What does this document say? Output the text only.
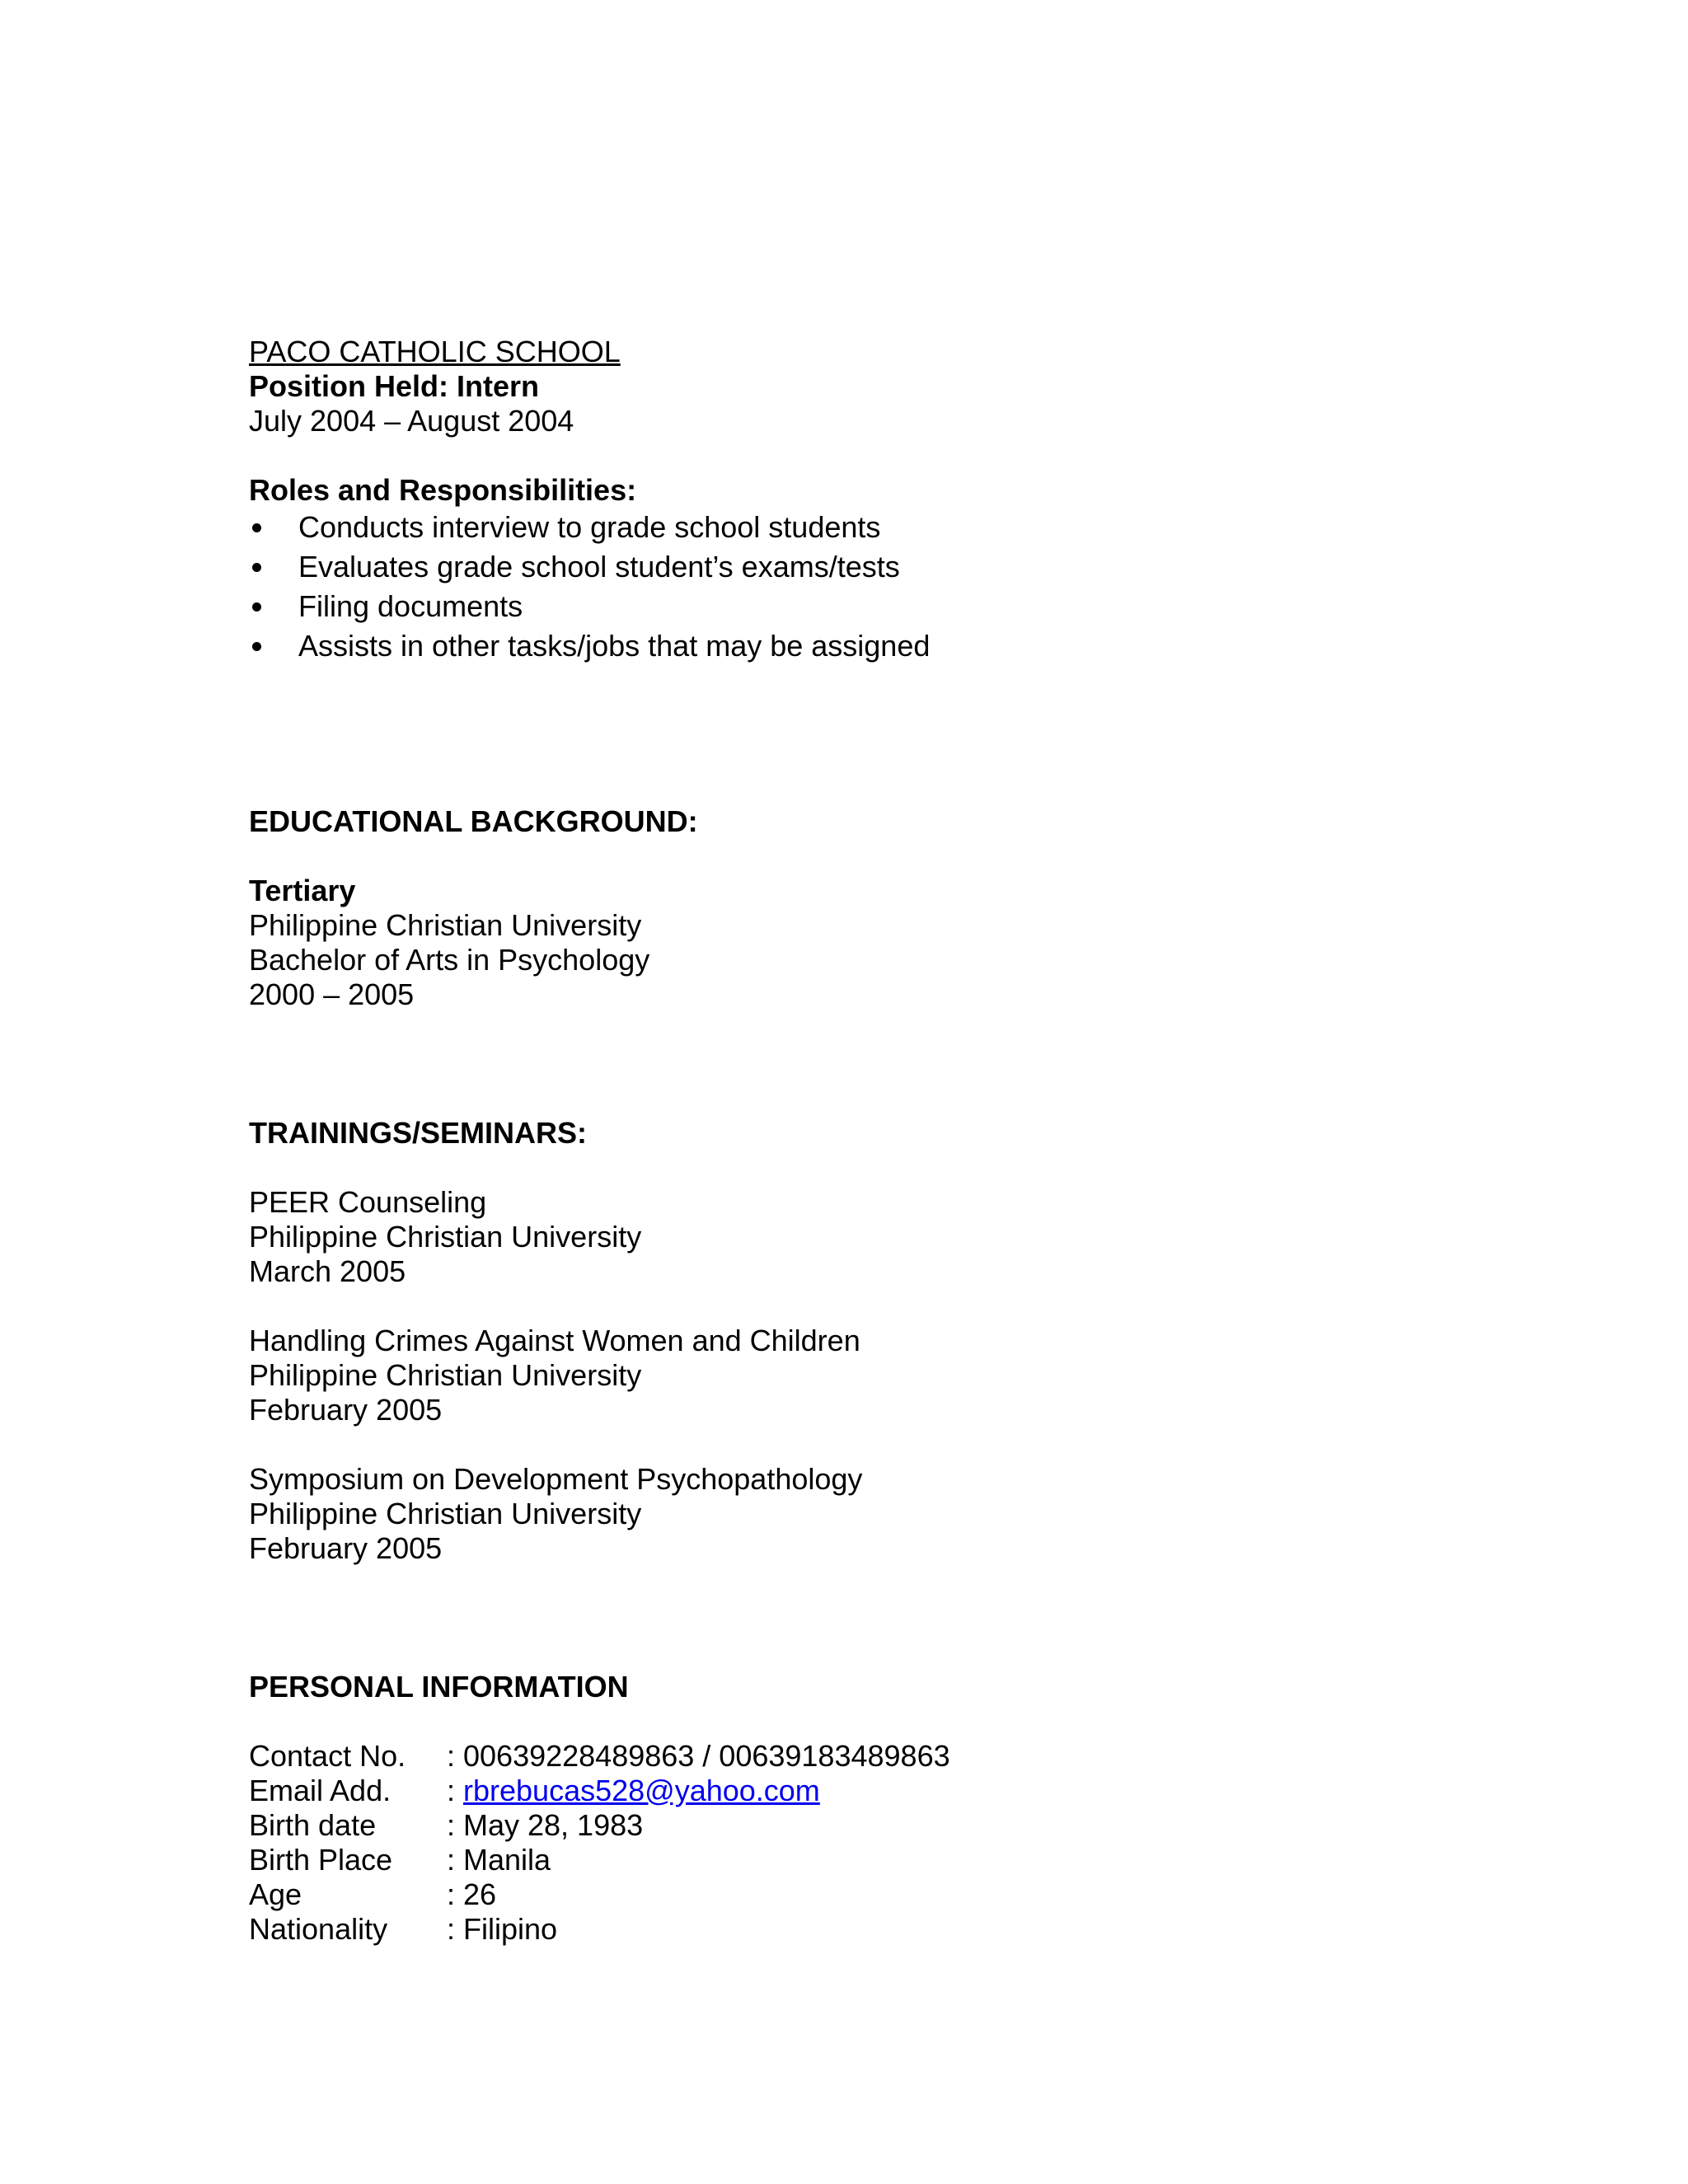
PACO CATHOLIC SCHOOL
Position Held: Intern
July 2004 – August 2004
Roles and Responsibilities:
Conducts interview to grade school students
Evaluates grade school student’s exams/tests
Filing documents
Assists in other tasks/jobs that may be assigned
EDUCATIONAL BACKGROUND:
Tertiary
Philippine Christian University
Bachelor of Arts in Psychology
2000 – 2005
TRAININGS/SEMINARS:
PEER Counseling
Philippine Christian University
March 2005
Handling Crimes Against Women and Children
Philippine Christian University
February 2005
Symposium on Development Psychopathology
Philippine Christian University
February 2005
PERSONAL INFORMATION
Contact No.	: 00639228489863 / 00639183489863
Email Add.	: rbrebucas528@yahoo.com
Birth date	: May 28, 1983
Birth Place	: Manila
Age	: 26
Nationality	: Filipino
